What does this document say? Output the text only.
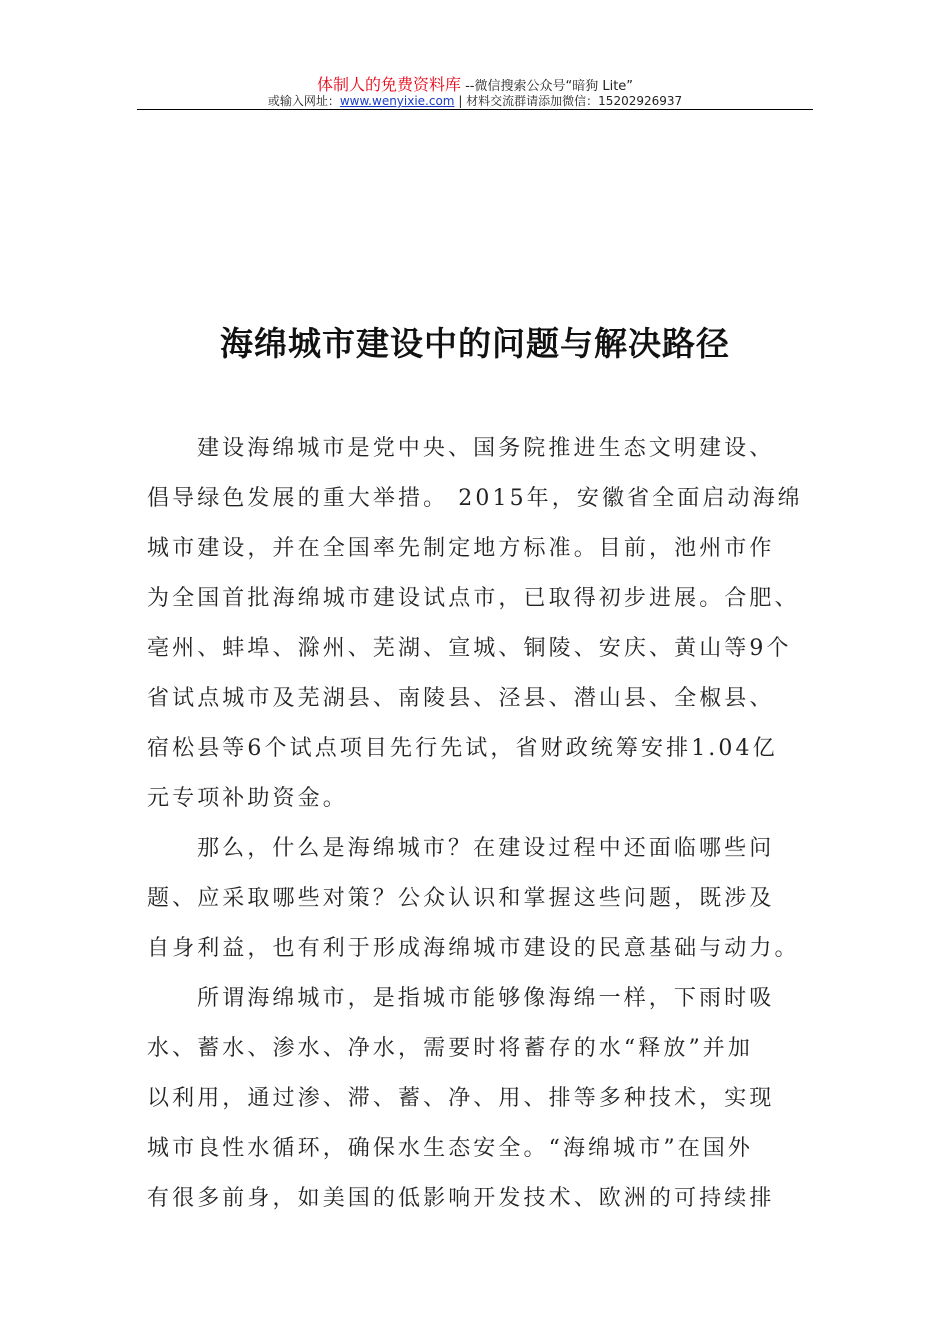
体制人的免费资料库 --微信搜索公众号“暗狗 Lite”
或输入网址：www.wenyixie.com | 材料交流群请添加微信：15202926937
海绵城市建设中的问题与解决路径
建设海绵城市是党中央、国务院推进生态文明建设、
倡导绿色发展的重大举措。 2015年，安徽省全面启动海绵
城市建设，并在全国率先制定地方标准。目前，池州市作
为全国首批海绵城市建设试点市，已取得初步进展。合肥、
亳州、蚌埠、滁州、芜湖、宣城、铜陵、安庆、黄山等9个
省试点城市及芜湖县、南陵县、泾县、潜山县、全椒县、
宿松县等6个试点项目先行先试，省财政统筹安排1.04亿
元专项补助资金。
那么，什么是海绵城市？在建设过程中还面临哪些问
题、应采取哪些对策？公众认识和掌握这些问题，既涉及
自身利益，也有利于形成海绵城市建设的民意基础与动力。
所谓海绵城市，是指城市能够像海绵一样，下雨时吸
水、蓄水、渗水、净水，需要时将蓄存的水“释放”并加
以利用，通过渗、滞、蓄、净、用、排等多种技术，实现
城市良性水循环，确保水生态安全。“海绵城市”在国外
有很多前身，如美国的低影响开发技术、欧洲的可持续排
